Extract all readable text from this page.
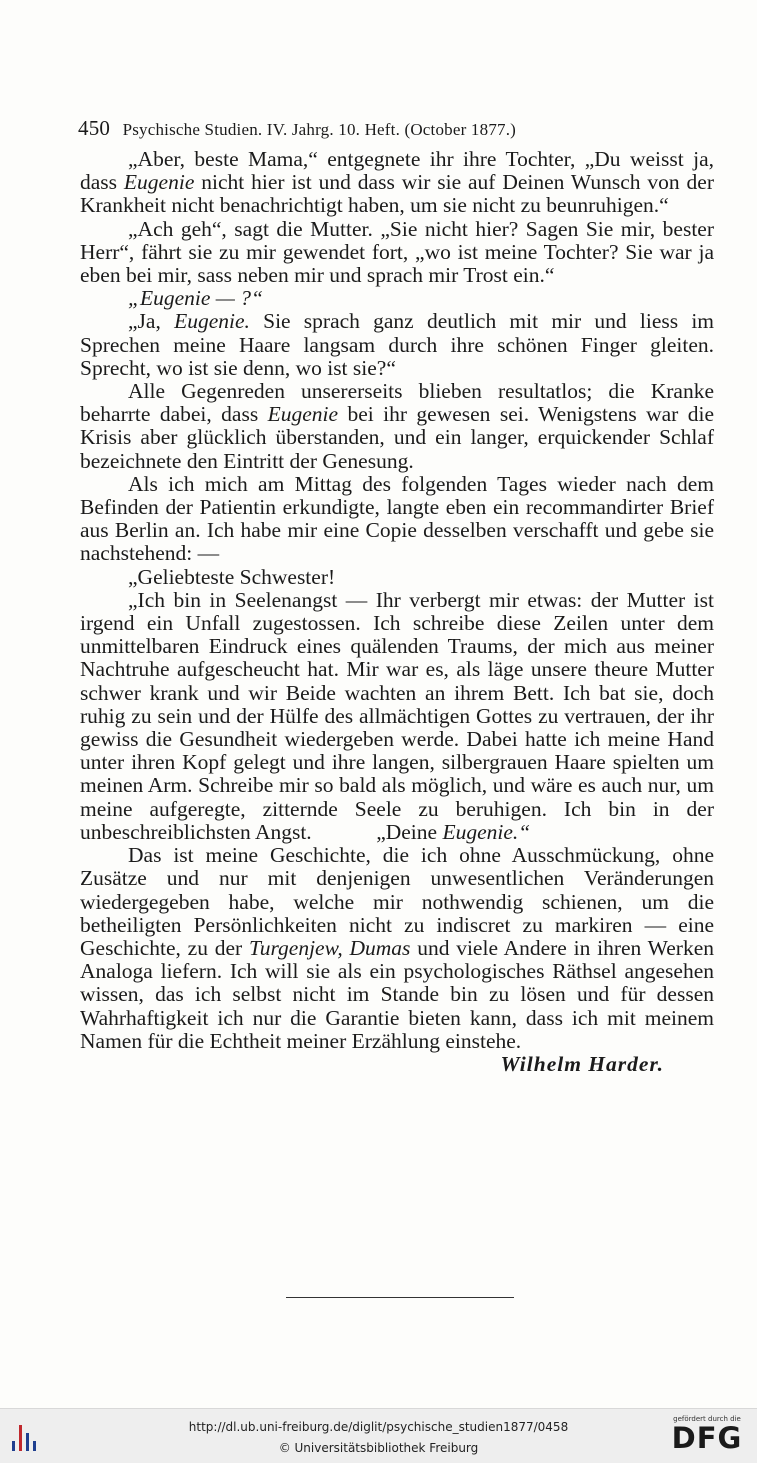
450 Psychische Studien. IV. Jahrg. 10. Heft. (October 1877.)

„Aber, beste Mama,“ entgegnete ihr ihre Tochter, „Du weisst ja, dass Eugenie nicht hier ist und dass wir sie auf Deinen Wunsch von der Krankheit nicht benachrichtigt haben, um sie nicht zu beunruhigen.“

„Ach geh“, sagt die Mutter. „Sie nicht hier? Sagen Sie mir, bester Herr“, fährt sie zu mir gewendet fort, „wo ist meine Tochter? Sie war ja eben bei mir, sass neben mir und sprach mir Trost ein.“

„Eugenie — ?“

„Ja, Eugenie. Sie sprach ganz deutlich mit mir und liess im Sprechen meine Haare langsam durch ihre schönen Finger gleiten. Sprecht, wo ist sie denn, wo ist sie?“

Alle Gegenreden unsererseits blieben resultatlos; die Kranke beharrte dabei, dass Eugenie bei ihr gewesen sei. Wenigstens war die Krisis aber glücklich überstanden, und ein langer, erquickender Schlaf bezeichnete den Eintritt der Genesung.

Als ich mich am Mittag des folgenden Tages wieder nach dem Befinden der Patientin erkundigte, langte eben ein recommandirter Brief aus Berlin an. Ich habe mir eine Copie desselben verschafft und gebe sie nachstehend: —

„Geliebteste Schwester!

„Ich bin in Seelenangst — Ihr verbergt mir etwas: der Mutter ist irgend ein Unfall zugestossen. Ich schreibe diese Zeilen unter dem unmittelbaren Eindruck eines quälenden Traums, der mich aus meiner Nachtruhe aufgescheucht hat. Mir war es, als läge unsere theure Mutter schwer krank und wir Beide wachten an ihrem Bett. Ich bat sie, doch ruhig zu sein und der Hülfe des allmächtigen Gottes zu vertrauen, der ihr gewiss die Gesundheit wiedergeben werde. Dabei hatte ich meine Hand unter ihren Kopf gelegt und ihre langen, silbergrauen Haare spielten um meinen Arm. Schreibe mir so bald als möglich, und wäre es auch nur, um meine aufgeregte, zitternde Seele zu beruhigen. Ich bin in der unbeschreiblichsten Angst.	„Deine Eugenie.“

Das ist meine Geschichte, die ich ohne Ausschmückung, ohne Zusätze und nur mit denjenigen unwesentlichen Veränderungen wiedergegeben habe, welche mir nothwendig schienen, um die betheiligten Persönlichkeiten nicht zu indiscret zu markiren — eine Geschichte, zu der Turgenjew, Dumas und viele Andere in ihren Werken Analoga liefern. Ich will sie als ein psychologisches Räthsel angesehen wissen, das ich selbst nicht im Stande bin zu lösen und für dessen Wahrhaftigkeit ich nur die Garantie bieten kann, dass ich mit meinem Namen für die Echtheit meiner Erzählung einstehe.
Wilhelm Harder.

http://dl.ub.uni-freiburg.de/diglit/psychische_studien1877/0458
© Universitätsbibliothek Freiburg
gefördert durch die
DFG
